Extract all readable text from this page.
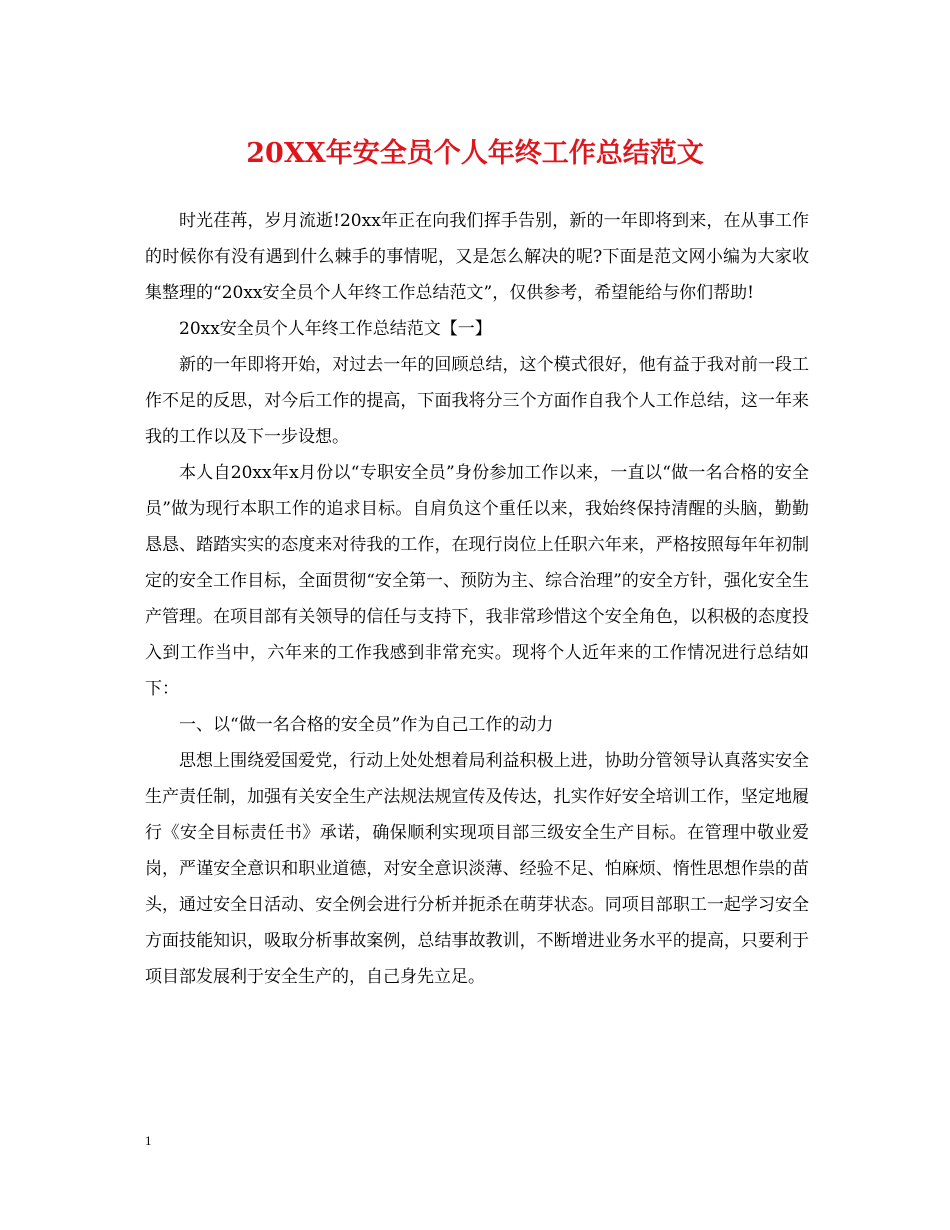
20XX年安全员个人年终工作总结范文

时光荏苒，岁月流逝!20xx年正在向我们挥手告别，新的一年即将到来，在从事工作的时候你有没有遇到什么棘手的事情呢，又是怎么解决的呢?下面是范文网小编为大家收集整理的“20xx安全员个人年终工作总结范文”，仅供参考，希望能给与你们帮助!

20xx安全员个人年终工作总结范文【一】

新的一年即将开始，对过去一年的回顾总结，这个模式很好，他有益于我对前一段工作不足的反思，对今后工作的提高，下面我将分三个方面作自我个人工作总结，这一年来我的工作以及下一步设想。

本人自20xx年x月份以“专职安全员”身份参加工作以来，一直以“做一名合格的安全员”做为现行本职工作的追求目标。自肩负这个重任以来，我始终保持清醒的头脑，勤勤恳恳、踏踏实实的态度来对待我的工作，在现行岗位上任职六年来，严格按照每年年初制定的安全工作目标，全面贯彻“安全第一、预防为主、综合治理”的安全方针，强化安全生产管理。在项目部有关领导的信任与支持下，我非常珍惜这个安全角色，以积极的态度投入到工作当中，六年来的工作我感到非常充实。现将个人近年来的工作情况进行总结如下：

一、以“做一名合格的安全员”作为自己工作的动力

思想上围绕爱国爱党，行动上处处想着局利益积极上进，协助分管领导认真落实安全生产责任制，加强有关安全生产法规法规宣传及传达，扎实作好安全培训工作，坚定地履行《安全目标责任书》承诺，确保顺利实现项目部三级安全生产目标。在管理中敬业爱岗，严谨安全意识和职业道德，对安全意识淡薄、经验不足、怕麻烦、惰性思想作祟的苗头，通过安全日活动、安全例会进行分析并扼杀在萌芽状态。同项目部职工一起学习安全方面技能知识，吸取分析事故案例，总结事故教训，不断增进业务水平的提高，只要利于项目部发展利于安全生产的，自己身先立足。

1
